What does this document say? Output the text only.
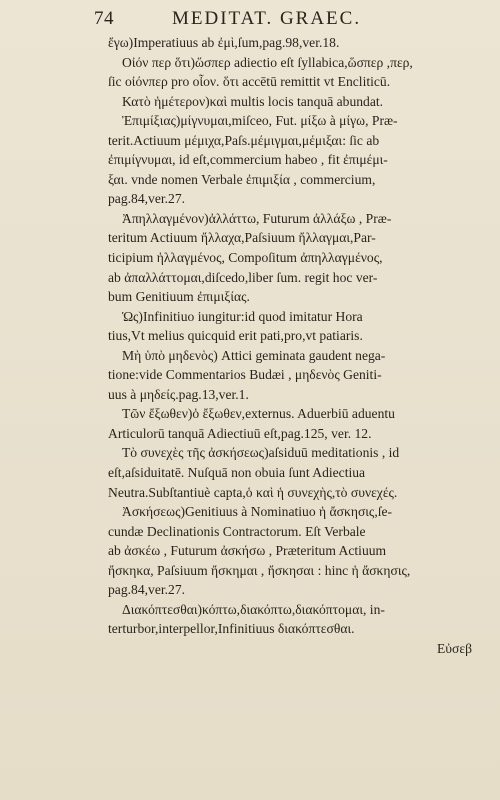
74	MEDITAT. GRAEC.
ἔγω)Imperatiuus ab ἐμὶ,ſum,pag.98,ver.18.
Οἰόν περ ὅτι)ὥσπερ adiectio eſt ſyllabica,ὥσπερ ,περ,
ſic οἰόνπερ pro οἷον. ὅτι accētū remittit vt Encliticū.
Κατὸ ἡμέτερον)καὶ multis locis tanquā abundat.
Ἐπιμίξιας)μίγνυμαι,miſceo, Fut. μίξω à μίγω, Præ-
terit.Actiuum μέμιχα,Paſs.μέμιγμαι,μέμιξαι: ſic ab
ἐπιμίγνυμαι, id eſt,commercium habeo , fit ἐπιμέμι-
ξαι. vnde nomen Verbale ἐπιμιξία , commercium,
pag.84,ver.27.
Ἀπηλλαγμένον)ἀλλάττω, Futurum ἀλλάξω , Præ-
teritum Actiuum ἤλλαχα,Paſsiuum ἤλλαγμαι,Par-
ticipium ἠλλαγμένος, Compoſitum ἀπηλλαγμένος,
ab ἀπαλλάττομαι,diſcedo,liber ſum. regit hoc ver-
bum Genitiuum ἐπιμιξίας.
Ὡς)Infinitiuo iungitur:id quod imitatur Hora
tius,Vt melius quicquid erit pati,pro,vt patiaris.
Μὴ ὑπὸ μηδενὸς) Attici geminata gaudent nega-
tione:vide Commentarios Budæi , μηδενὸς Geniti-
uus à μηδείς.pag.13,ver.1.
Τῶν ἔξωθεν)ὁ ἔξωθεν,externus. Aduerbiū aduentu
Articulorū tanquā Adiectiuū eſt,pag.125, ver. 12.
Τὸ συνεχὲς τῆς ἀσκήσεως)aſsiduū meditationis , id
eſt,aſsiduitatē. Nuſquā non obuia ſunt Adiectiua
Neutra.Subſtantiuè capta,ὁ καὶ ἡ συνεχὴς,τὸ συνεχές.
Ἀσκήσεως)Genitiuus à Nominatiuo ἡ ἄσκησις,ſe-
cundæ Declinationis Contractorum. Eſt Verbale
ab ἀσκέω , Futurum ἀσκήσω , Præteritum Actiuum
ἤσκηκα, Paſsiuum ἤσκημαι , ἤσκησαι : hinc ἡ ἄσκησις,
pag.84,ver.27.
Διακόπτεσθαι)κόπτω,διακόπτω,διακόπτομαι, in-
terturbor,interpellor,Infinitiuus διακόπτεσθαι.
Εὐσεβ
